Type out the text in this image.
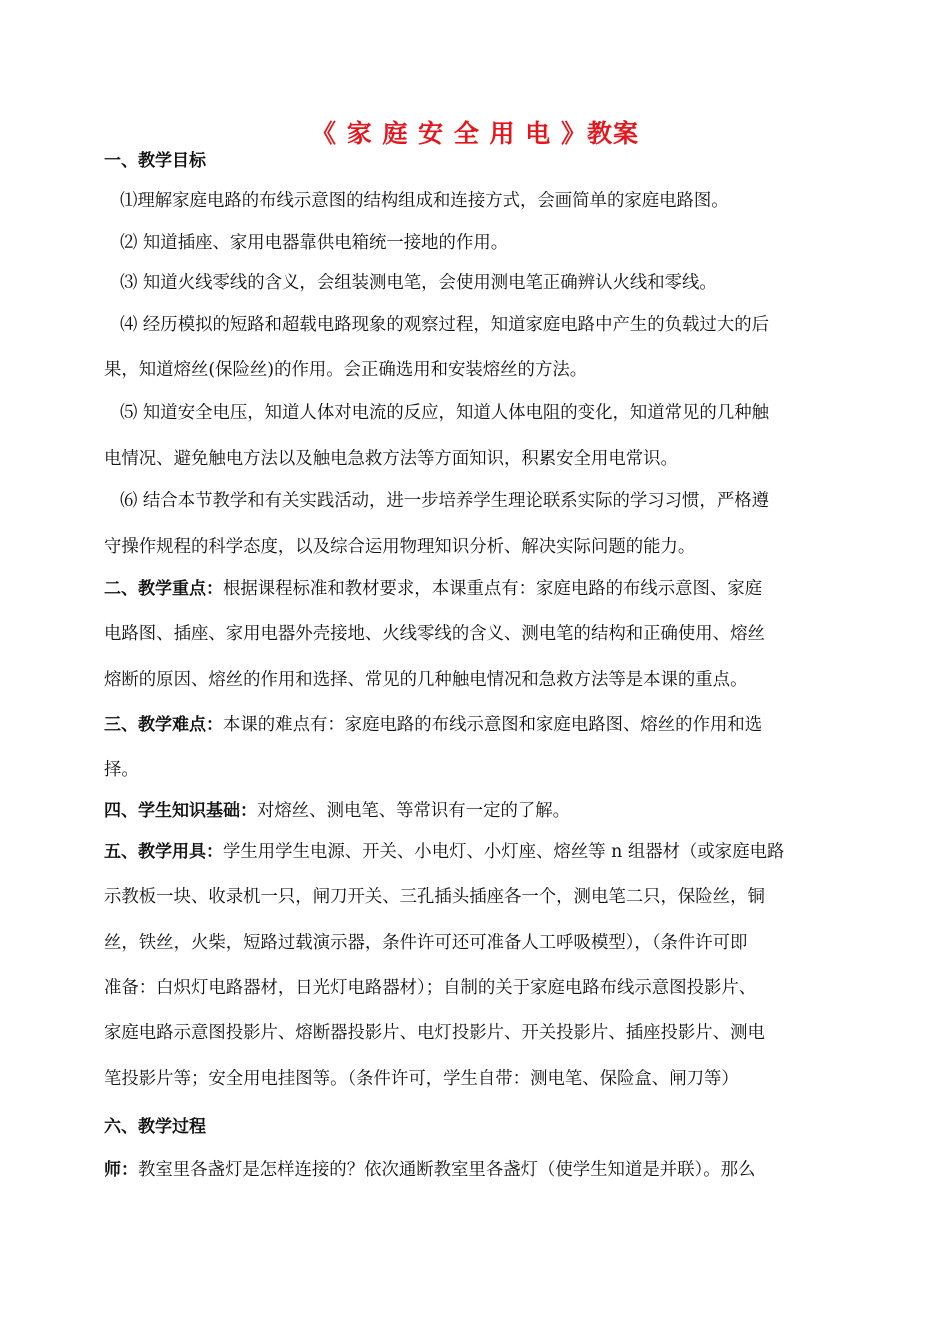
《 家 庭 安 全 用 电 》教案
一、教学目标
⑴理解家庭电路的布线示意图的结构组成和连接方式，会画简单的家庭电路图。
⑵ 知道插座、家用电器靠供电箱统一接地的作用。
⑶ 知道火线零线的含义，会组装测电笔，会使用测电笔正确辨认火线和零线。
⑷ 经历模拟的短路和超载电路现象的观察过程，知道家庭电路中产生的负载过大的后
果，知道熔丝(保险丝)的作用。会正确选用和安装熔丝的方法。
⑸ 知道安全电压，知道人体对电流的反应，知道人体电阻的变化，知道常见的几种触
电情况、避免触电方法以及触电急救方法等方面知识，积累安全用电常识。
⑹ 结合本节教学和有关实践活动，进一步培养学生理论联系实际的学习习惯，严格遵
守操作规程的科学态度，以及综合运用物理知识分析、解决实际问题的能力。
二、教学重点：根据课程标准和教材要求，本课重点有：家庭电路的布线示意图、家庭
电路图、插座、家用电器外壳接地、火线零线的含义、测电笔的结构和正确使用、熔丝
熔断的原因、熔丝的作用和选择、常见的几种触电情况和急救方法等是本课的重点。
三、教学难点：本课的难点有：家庭电路的布线示意图和家庭电路图、熔丝的作用和选
择。
四、学生知识基础：对熔丝、测电笔、等常识有一定的了解。
五、教学用具：学生用学生电源、开关、小电灯、小灯座、熔丝等 n 组器材（或家庭电路
示教板一块、收录机一只，闸刀开关、三孔插头插座各一个，测电笔二只，保险丝，铜
丝，铁丝，火柴，短路过载演示器，条件许可还可准备人工呼吸模型），（条件许可即
准备：白炽灯电路器材，日光灯电路器材）；自制的关于家庭电路布线示意图投影片、
家庭电路示意图投影片、熔断器投影片、电灯投影片、开关投影片、插座投影片、测电
笔投影片等；安全用电挂图等。（条件许可，学生自带：测电笔、保险盒、闸刀等）
六、教学过程
师：教室里各盏灯是怎样连接的？依次通断教室里各盏灯（使学生知道是并联）。那么
